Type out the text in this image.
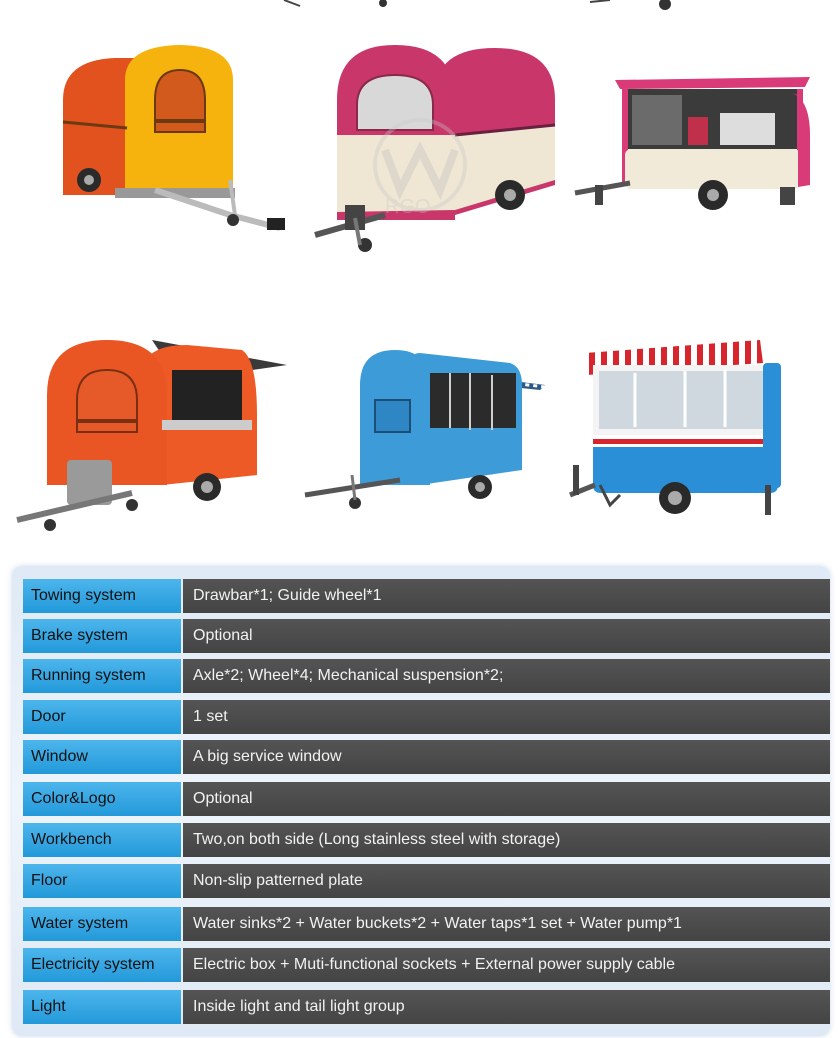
RGO
Towing system	Drawbar*1; Guide wheel*1
Brake system	Optional
Running system	Axle*2; Wheel*4; Mechanical suspension*2;
Door	1 set
Window	A big service window
Color&Logo	Optional
Workbench	Two,on both side (Long stainless steel with storage)
Floor	Non-slip patterned plate
Water system	Water sinks*2 + Water buckets*2 + Water taps*1 set + Water pump*1
Electricity system	Electric box + Muti-functional sockets + External power supply cable
Light	Inside light and tail light group
